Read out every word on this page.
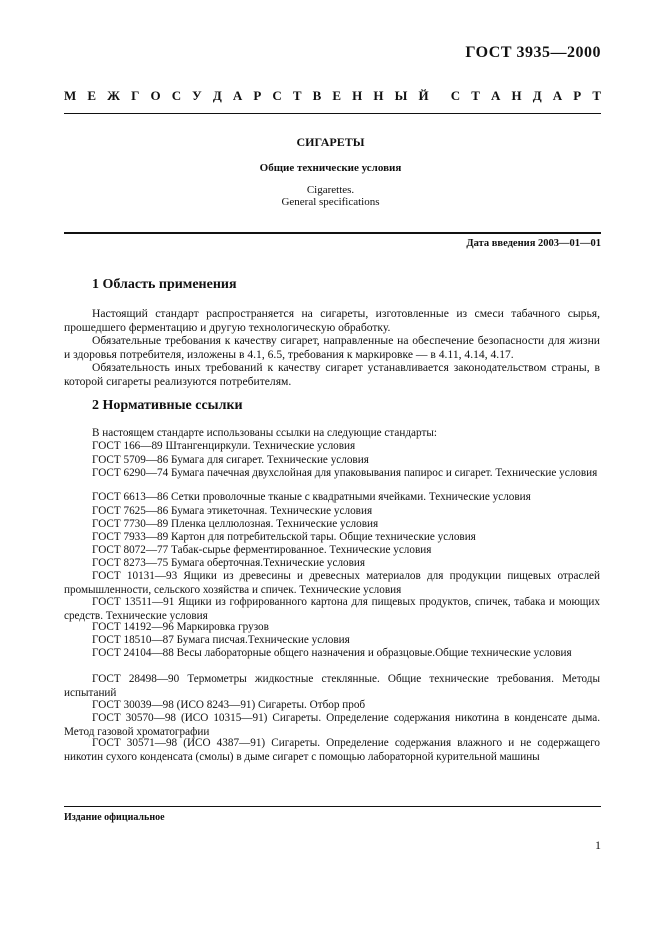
ГОСТ 3935—2000
М Е Ж Г О С У Д А Р С Т В Е Н Н Ы Й С Т А Н Д А Р Т
СИГАРЕТЫ
Общие технические условия
Cigarettes.
General specifications
Дата введения 2003—01—01
1 Область применения
Настоящий стандарт распространяется на сигареты, изготовленные из смеси табачного сырья, прошедшего ферментацию и другую технологическую обработку.
Обязательные требования к качеству сигарет, направленные на обеспечение безопасности для жизни и здоровья потребителя, изложены в 4.1, 6.5, требования к маркировке — в 4.11, 4.14, 4.17.
Обязательность иных требований к качеству сигарет устанавливается законодательством страны, в которой сигареты реализуются потребителям.
2 Нормативные ссылки
В настоящем стандарте использованы ссылки на следующие стандарты:
ГОСТ 166—89 Штангенциркули. Технические условия
ГОСТ 5709—86 Бумага для сигарет. Технические условия
ГОСТ 6290—74 Бумага пачечная двухслойная для упаковывания папирос и сигарет. Технические условия
ГОСТ 6613—86 Сетки проволочные тканые с квадратными ячейками. Технические условия
ГОСТ 7625—86 Бумага этикеточная. Технические условия
ГОСТ 7730—89 Пленка целлюлозная. Технические условия
ГОСТ 7933—89 Картон для потребительской тары. Общие технические условия
ГОСТ 8072—77 Табак-сырье ферментированное. Технические условия
ГОСТ 8273—75 Бумага оберточная.Технические условия
ГОСТ 10131—93 Ящики из древесины и древесных материалов для продукции пищевых отраслей промышленности, сельского хозяйства и спичек. Технические условия
ГОСТ 13511—91 Ящики из гофрированного картона для пищевых продуктов, спичек, табака и моющих средств. Технические условия
ГОСТ 14192—96 Маркировка грузов
ГОСТ 18510—87 Бумага писчая.Технические условия
ГОСТ 24104—88 Весы лабораторные общего назначения и образцовые.Общие технические условия
ГОСТ 28498—90 Термометры жидкостные стеклянные. Общие технические требования. Методы испытаний
ГОСТ 30039—98 (ИСО 8243—91) Сигареты. Отбор проб
ГОСТ 30570—98 (ИСО 10315—91) Сигареты. Определение содержания никотина в конденсате дыма. Метод газовой хроматографии
ГОСТ 30571—98 (ИСО 4387—91) Сигареты. Определение содержания влажного и не содержащего никотин сухого конденсата (смолы) в дыме сигарет с помощью лабораторной курительной машины
Издание официальное
1
